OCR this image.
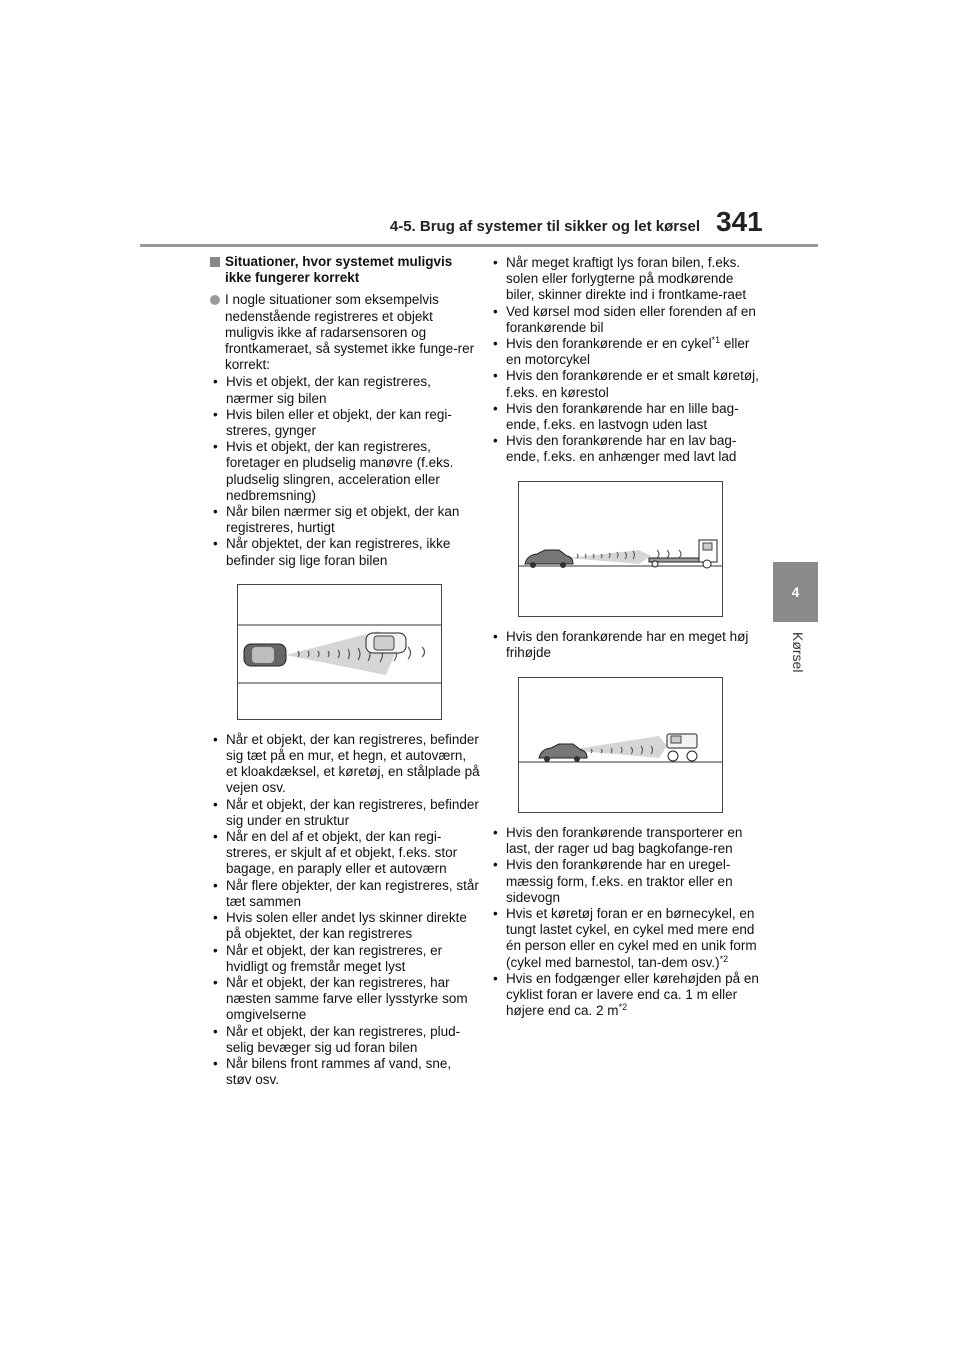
4-5. Brug af systemer til sikker og let kørsel 341
4
Kørsel
Situationer, hvor systemet muligvis ikke fungerer korrekt
I nogle situationer som eksempelvis nedenstående registreres et objekt muligvis ikke af radarsensoren og frontkameraet, så systemet ikke funge-rer korrekt:
• Hvis et objekt, der kan registreres, nærmer sig bilen
• Hvis bilen eller et objekt, der kan regi-streres, gynger
• Hvis et objekt, der kan registreres, foretager en pludselig manøvre (f.eks. pludselig slingren, acceleration eller nedbremsning)
• Når bilen nærmer sig et objekt, der kan registreres, hurtigt
• Når objektet, der kan registreres, ikke befinder sig lige foran bilen
• Når et objekt, der kan registreres, befinder sig tæt på en mur, et hegn, et autoværn, et kloakdæksel, et køretøj, en stålplade på vejen osv.
• Når et objekt, der kan registreres, befinder sig under en struktur
• Når en del af et objekt, der kan regi-streres, er skjult af et objekt, f.eks. stor bagage, en paraply eller et autoværn
• Når flere objekter, der kan registreres, står tæt sammen
• Hvis solen eller andet lys skinner direkte på objektet, der kan registreres
• Når et objekt, der kan registreres, er hvidligt og fremstår meget lyst
• Når et objekt, der kan registreres, har næsten samme farve eller lysstyrke som omgivelserne
• Når et objekt, der kan registreres, plud-selig bevæger sig ud foran bilen
• Når bilens front rammes af vand, sne, støv osv.
• Når meget kraftigt lys foran bilen, f.eks. solen eller forlygterne på modkørende biler, skinner direkte ind i frontkame-raet
• Ved kørsel mod siden eller forenden af en forankørende bil
• Hvis den forankørende er en cykel$^{*1}$ eller en motorcykel
• Hvis den forankørende er et smalt køretøj, f.eks. en kørestol
• Hvis den forankørende har en lille bag-ende, f.eks. en lastvogn uden last
• Hvis den forankørende har en lav bag-ende, f.eks. en anhænger med lavt lad
• Hvis den forankørende har en meget høj frihøjde
• Hvis den forankørende transporterer en last, der rager ud bag bagkofange-ren
• Hvis den forankørende har en uregel-mæssig form, f.eks. en traktor eller en sidevogn
• Hvis et køretøj foran er en børnecykel, en tungt lastet cykel, en cykel med mere end én person eller en cykel med en unik form (cykel med barnestol, tan-dem osv.)$^{*2}$
• Hvis en fodgænger eller kørehøjden på en cyklist foran er lavere end ca. 1 m eller højere end ca. 2 $m^{*2}$
